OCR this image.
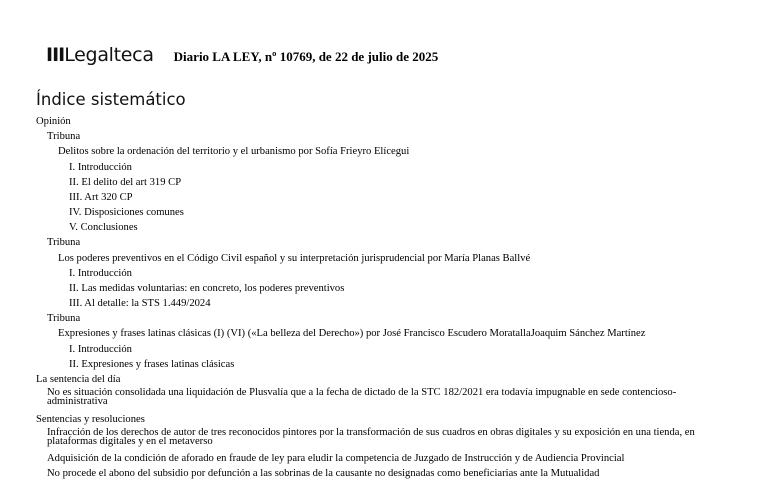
IIILegalteca Diario LA LEY, nº 10769, de 22 de julio de 2025
Índice sistemático
Opinión
Tribuna
Delitos sobre la ordenación del territorio y el urbanismo por Sofía Frieyro Elícegui
I. Introducción
II. El delito del art 319 CP
III. Art 320 CP
IV. Disposiciones comunes
V. Conclusiones
Tribuna
Los poderes preventivos en el Código Civil español y su interpretación jurisprudencial por María Planas Ballvé
I. Introducción
II. Las medidas voluntarias: en concreto, los poderes preventivos
III. Al detalle: la STS 1.449/2024
Tribuna
Expresiones y frases latinas clásicas (I) (VI) («La belleza del Derecho») por José Francisco Escudero MoratallaJoaquim Sánchez Martínez
I. Introducción
II. Expresiones y frases latinas clásicas
La sentencia del día
No es situación consolidada una liquidación de Plusvalía que a la fecha de dictado de la STC 182/2021 era todavía impugnable en sede contencioso-administrativa
Sentencias y resoluciones
Infracción de los derechos de autor de tres reconocidos pintores por la transformación de sus cuadros en obras digitales y su exposición en una tienda, en plataformas digitales y en el metaverso
Adquisición de la condición de aforado en fraude de ley para eludir la competencia de Juzgado de Instrucción y de Audiencia Provincial
No procede el abono del subsidio por defunción a las sobrinas de la causante no designadas como beneficiarias ante la Mutualidad
